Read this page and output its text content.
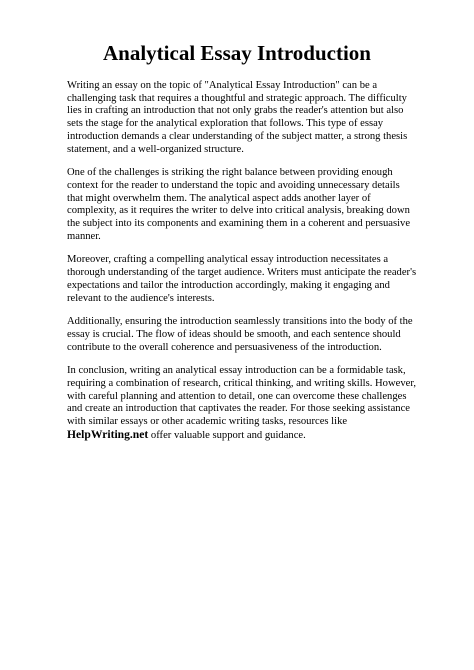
Analytical Essay Introduction

Writing an essay on the topic of "Analytical Essay Introduction" can be a challenging task that requires a thoughtful and strategic approach. The difficulty lies in crafting an introduction that not only grabs the reader's attention but also sets the stage for the analytical exploration that follows. This type of essay introduction demands a clear understanding of the subject matter, a strong thesis statement, and a well-organized structure.

One of the challenges is striking the right balance between providing enough context for the reader to understand the topic and avoiding unnecessary details that might overwhelm them. The analytical aspect adds another layer of complexity, as it requires the writer to delve into critical analysis, breaking down the subject into its components and examining them in a coherent and persuasive manner.

Moreover, crafting a compelling analytical essay introduction necessitates a thorough understanding of the target audience. Writers must anticipate the reader's expectations and tailor the introduction accordingly, making it engaging and relevant to the audience's interests.

Additionally, ensuring the introduction seamlessly transitions into the body of the essay is crucial. The flow of ideas should be smooth, and each sentence should contribute to the overall coherence and persuasiveness of the introduction.

In conclusion, writing an analytical essay introduction can be a formidable task, requiring a combination of research, critical thinking, and writing skills. However, with careful planning and attention to detail, one can overcome these challenges and create an introduction that captivates the reader. For those seeking assistance with similar essays or other academic writing tasks, resources like HelpWriting.net offer valuable support and guidance.
